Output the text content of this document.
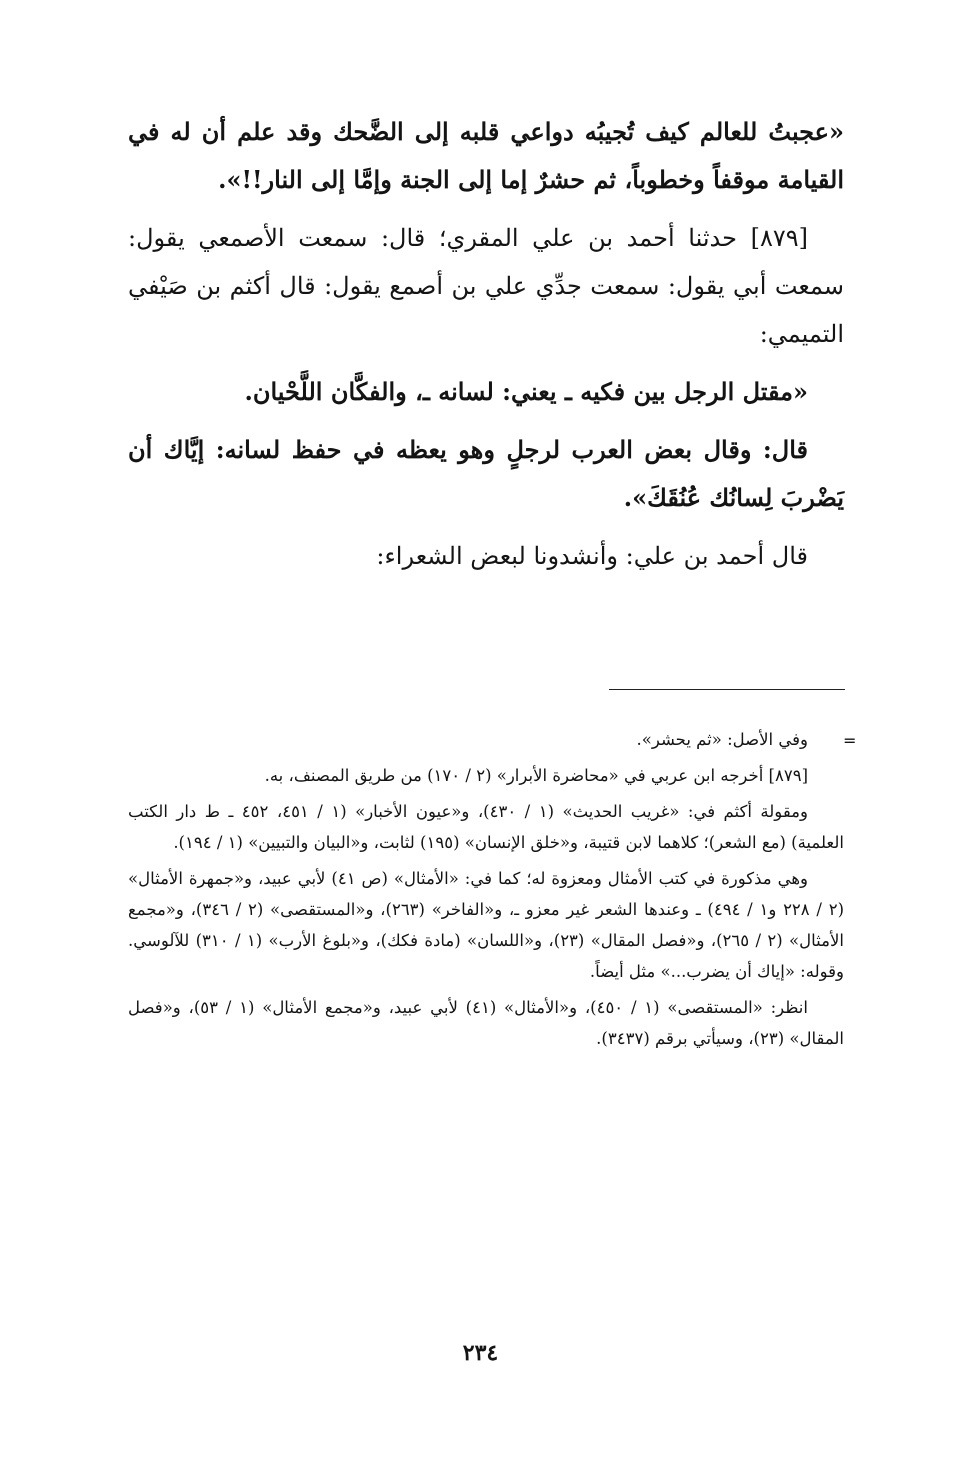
«عجبتُ للعالم كيف تُجيبُه دواعي قلبه إلى الضَّحك وقد علم أن له في القيامة موقفاً وخطوباً، ثم حشرٌ إما إلى الجنة وإمَّا إلى النار!!».

[٨٧٩] حدثنا أحمد بن علي المقري؛ قال: سمعت الأصمعي يقول: سمعت أبي يقول: سمعت جدِّي علي بن أصمع يقول: قال أكثم بن صَيْفي التميمي:

«مقتل الرجل بين فكيه ـ يعني: لسانه ـ، والفكَّان اللَّحْيان.

قال: وقال بعض العرب لرجلٍ وهو يعظه في حفظ لسانه: إيَّاك أن يَضْربَ لِسانُك عُنُقَكَ».

قال أحمد بن علي: وأنشدونا لبعض الشعراء:

=

وفي الأصل: «ثم يحشر».

[٨٧٩] أخرجه ابن عربي في «محاضرة الأبرار» (٢ / ١٧٠) من طريق المصنف، به.

ومقولة أكثم في: «غريب الحديث» (١ / ٤٣٠)، و«عيون الأخبار» (١ / ٤٥١، ٤٥٢ ـ ط دار الكتب العلمية) (مع الشعر)؛ كلاهما لابن قتيبة، و«خلق الإنسان» (١٩٥) لثابت، و«البيان والتبيين» (١ / ١٩٤).

وهي مذكورة في كتب الأمثال ومعزوة له؛ كما في: «الأمثال» (ص ٤١) لأبي عبيد، و«جمهرة الأمثال» (٢ / ٢٢٨ و١ / ٤٩٤) ـ وعندها الشعر غير معزو ـ، و«الفاخر» (٢٦٣)، و«المستقصى» (٢ / ٣٤٦)، و«مجمع الأمثال» (٢ / ٢٦٥)، و«فصل المقال» (٢٣)، و«اللسان» (مادة فكك)، و«بلوغ الأرب» (١ / ٣١٠) للآلوسي. وقوله: «إياك أن يضرب...» مثل أيضاً.

انظر: «المستقصى» (١ / ٤٥٠)، و«الأمثال» (٤١) لأبي عبيد، و«مجمع الأمثال» (١ / ٥٣)، و«فصل المقال» (٢٣)، وسيأتي برقم (٣٤٣٧).

٢٣٤
